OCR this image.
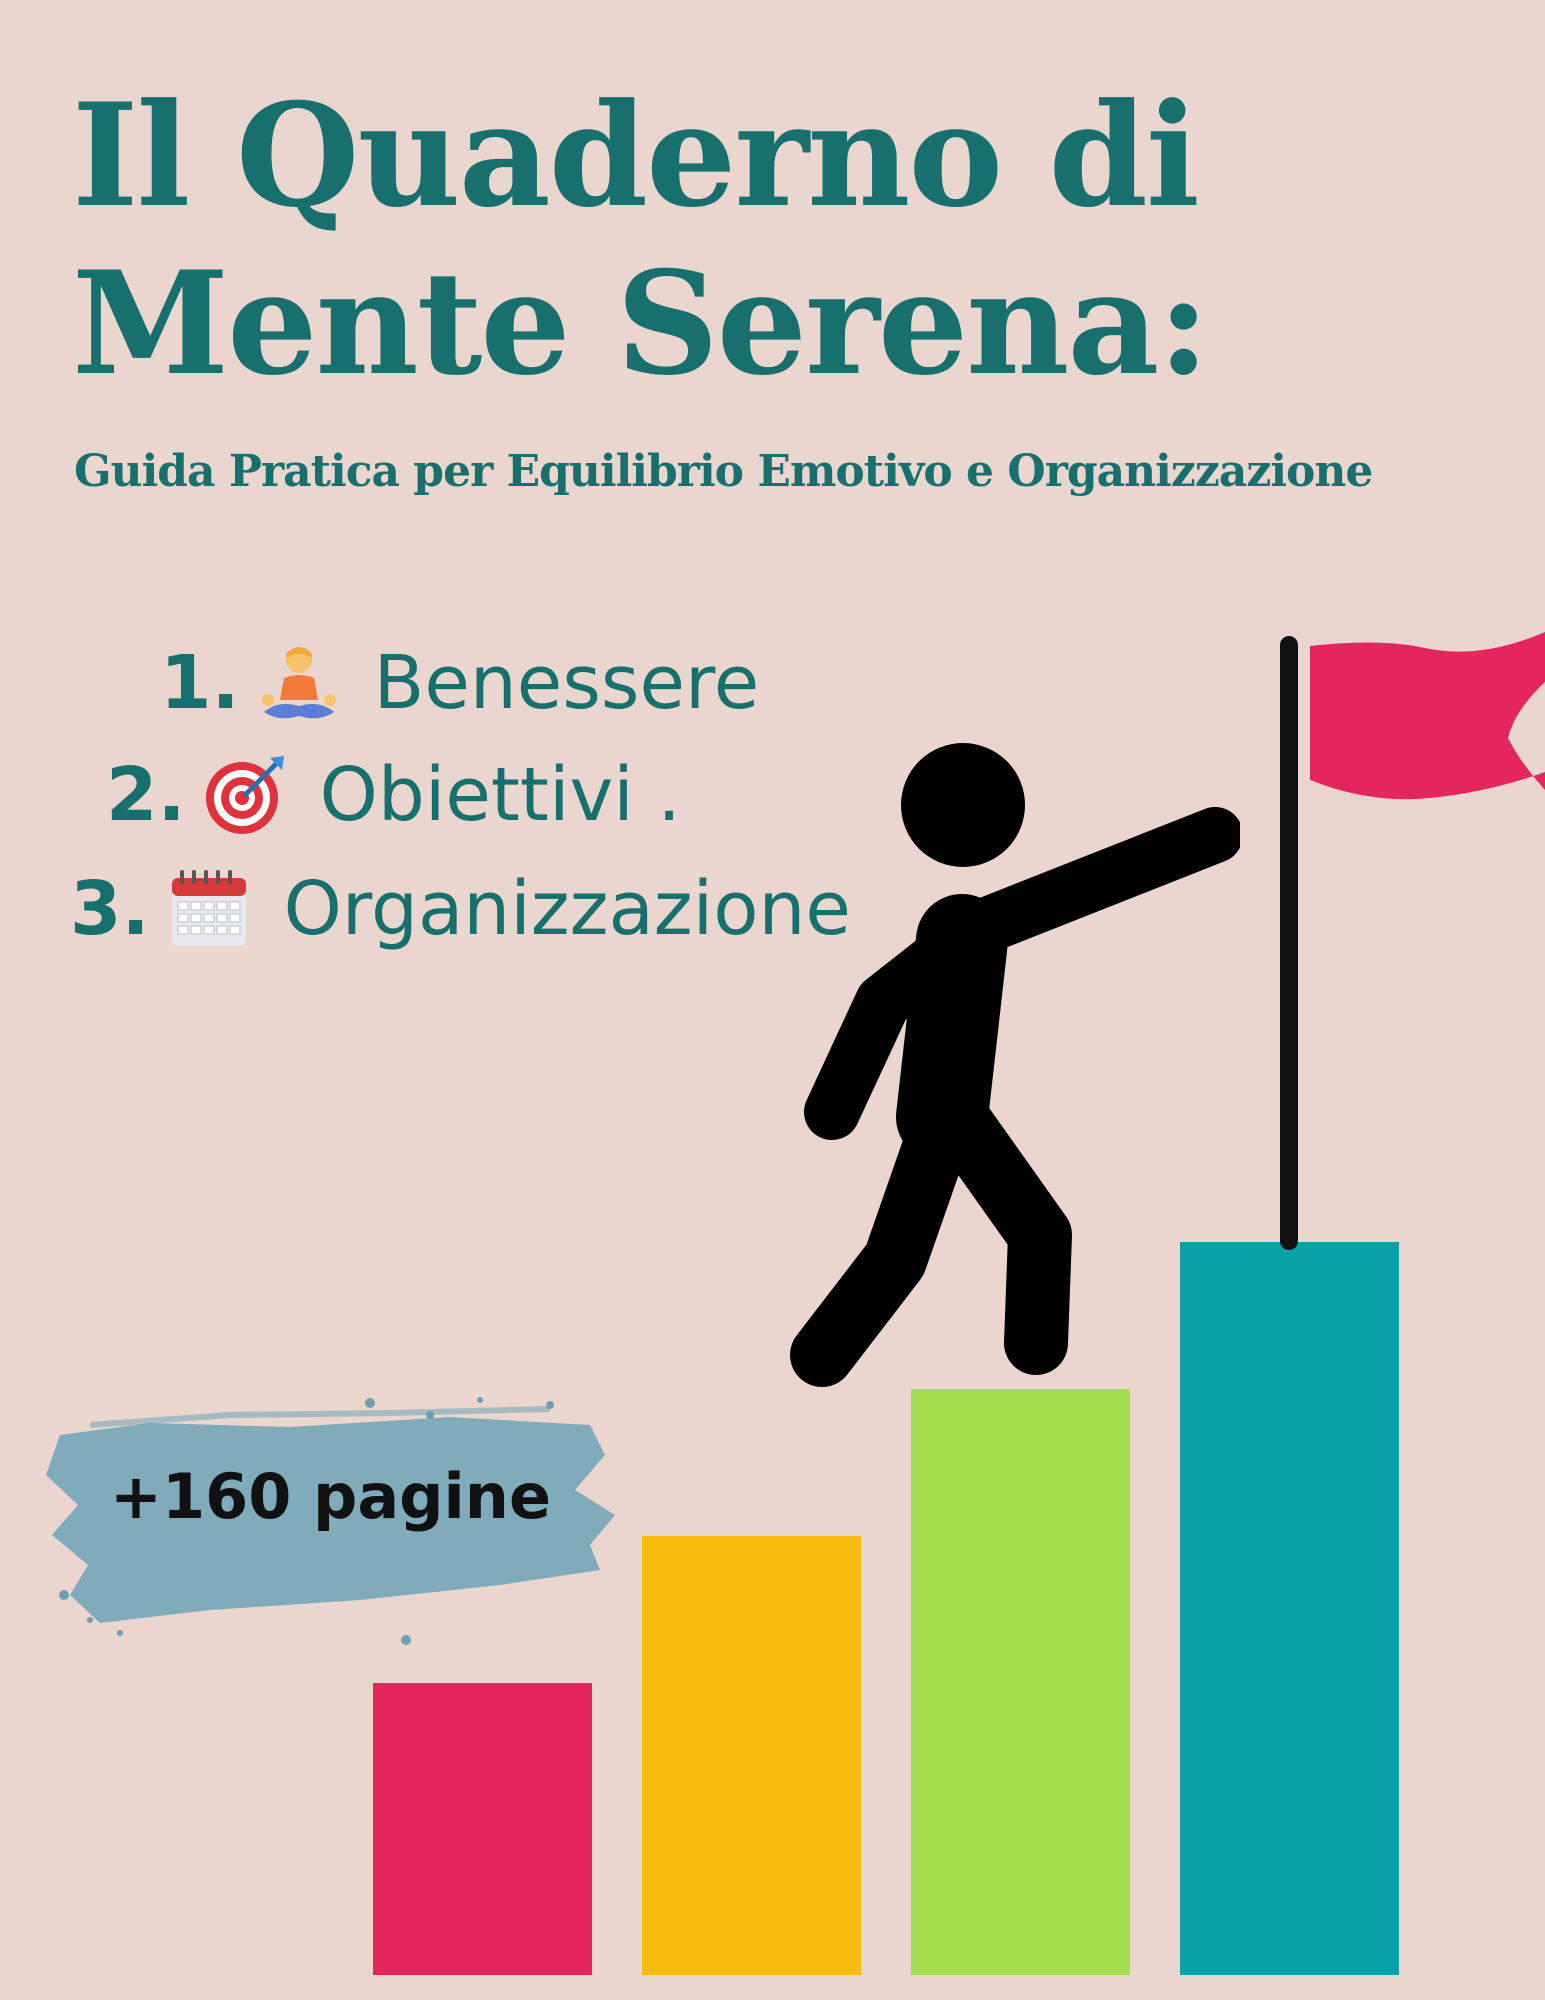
Il Quaderno di
Mente Serena:

Guida Pratica per Equilibrio Emotivo e Organizzazione

1. Benessere
2. Obiettivi .
3. Organizzazione
+160 pagine
